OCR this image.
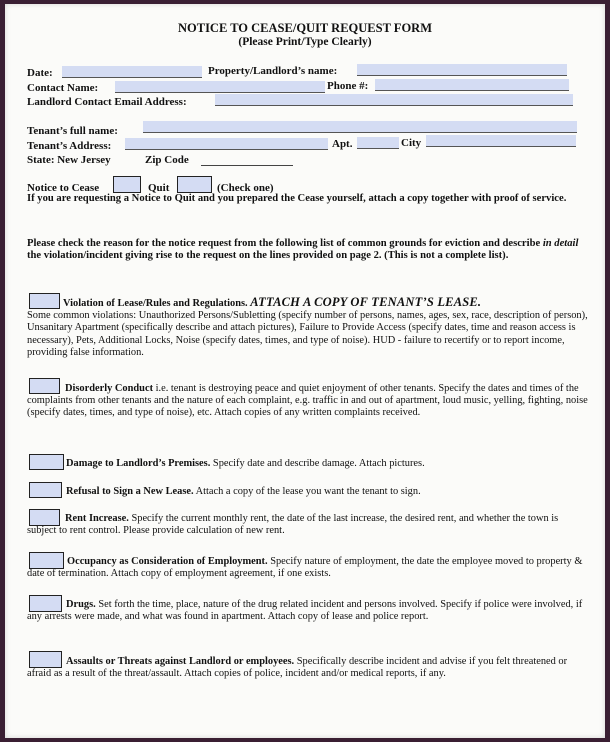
NOTICE TO CEASE/QUIT REQUEST FORM
(Please Print/Type Clearly)
Date:	Property/Landlord’s name:
Contact Name:	Phone #:
Landlord Contact Email Address:
Tenant’s full name:
Tenant’s Address:	Apt.	City
State: New Jersey	Zip Code
Notice to Cease	Quit	(Check one)
If you are requesting a Notice to Quit and you prepared the Cease yourself, attach a copy together with proof of service.
Please check the reason for the notice request from the following list of common grounds for eviction and describe in detail the violation/incident giving rise to the request on the lines provided on page 2. (This is not a complete list).
Violation of Lease/Rules and Regulations. ATTACH A COPY OF TENANT’S LEASE.
Some common violations: Unauthorized Persons/Subletting (specify number of persons, names, ages, sex, race, description of person), Unsanitary Apartment (specifically describe and attach pictures), Failure to Provide Access (specify dates, time and reason access is necessary), Pets, Additional Locks, Noise (specify dates, times, and type of noise). HUD - failure to recertify or to report income, providing false information.
Disorderly Conduct i.e. tenant is destroying peace and quiet enjoyment of other tenants. Specify the dates and times of the complaints from other tenants and the nature of each complaint, e.g. traffic in and out of apartment, loud music, yelling, fighting, noise (specify dates, times, and type of noise), etc. Attach copies of any written complaints received.
Damage to Landlord’s Premises. Specify date and describe damage. Attach pictures.
Refusal to Sign a New Lease. Attach a copy of the lease you want the tenant to sign.
Rent Increase. Specify the current monthly rent, the date of the last increase, the desired rent, and whether the town is subject to rent control. Please provide calculation of new rent.
Occupancy as Consideration of Employment. Specify nature of employment, the date the employee moved to property & date of termination. Attach copy of employment agreement, if one exists.
Drugs. Set forth the time, place, nature of the drug related incident and persons involved. Specify if police were involved, if any arrests were made, and what was found in apartment. Attach copy of lease and police report.
Assaults or Threats against Landlord or employees. Specifically describe incident and advise if you felt threatened or afraid as a result of the threat/assault. Attach copies of police, incident and/or medical reports, if any.
